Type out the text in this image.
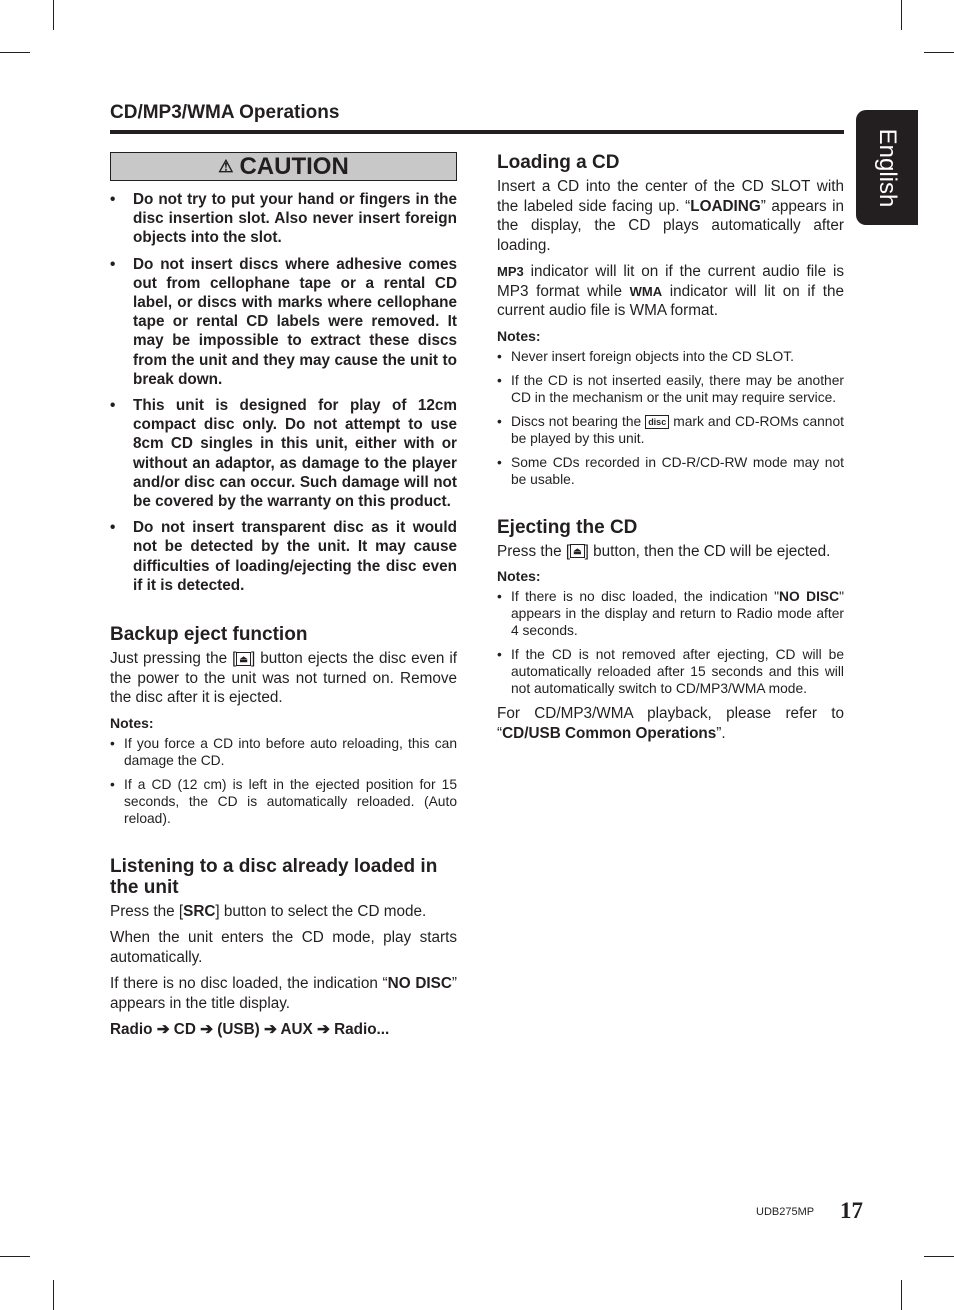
CD/MP3/WMA Operations
English
⚠ CAUTION
• Do not try to put your hand or fingers in the disc insertion slot. Also never insert foreign objects into the slot.
• Do not insert discs where adhesive comes out from cellophane tape or a rental CD label, or discs with marks where cellophane tape or rental CD labels were removed. It may be impossible to extract these discs from the unit and they may cause the unit to break down.
• This unit is designed for play of 12cm compact disc only. Do not attempt to use 8cm CD singles in this unit, either with or without an adaptor, as damage to the player and/or disc can occur. Such damage will not be covered by the warranty on this product.
• Do not insert transparent disc as it would not be detected by the unit. It may cause difficulties of loading/ejecting the disc even if it is detected.
Backup eject function

Just pressing the [ ⏏ ] button ejects the disc even if the power to the unit was not turned on. Remove the disc after it is ejected.

Notes:
• If you force a CD into before auto reloading, this can damage the CD.
• If a CD (12 cm) is left in the ejected position for 15 seconds, the CD is automatically reloaded. (Auto reload).
Listening to a disc already loaded in the unit

Press the [SRC] button to select the CD mode.

When the unit enters the CD mode, play starts automatically.

If there is no disc loaded, the indication “NO DISC” appears in the title display.

Radio ➔ CD ➔ (USB) ➔ AUX ➔ Radio...
Loading a CD

Insert a CD into the center of the CD SLOT with the labeled side facing up. “LOADING” appears in the display, the CD plays automatically after loading.

MP3 indicator will lit on if the current audio file is MP3 format while WMA indicator will lit on if the current audio file is WMA format.

Notes:
• Never insert foreign objects into the CD SLOT.
• If the CD is not inserted easily, there may be another CD in the mechanism or the unit may require service.
• Discs not bearing the disc mark and CD-ROMs cannot be played by this unit.
• Some CDs recorded in CD-R/CD-RW mode may not be usable.
Ejecting the CD

Press the [ ⏏ ] button, then the CD will be ejected.

Notes:
• If there is no disc loaded, the indication "NO DISC" appears in the display and return to Radio mode after 4 seconds.
• If the CD is not removed after ejecting, CD will be automatically reloaded after 15 seconds and this will not automatically switch to CD/MP3/WMA mode.

For CD/MP3/WMA playback, please refer to “CD/USB Common Operations”.

UDB275MP 17
